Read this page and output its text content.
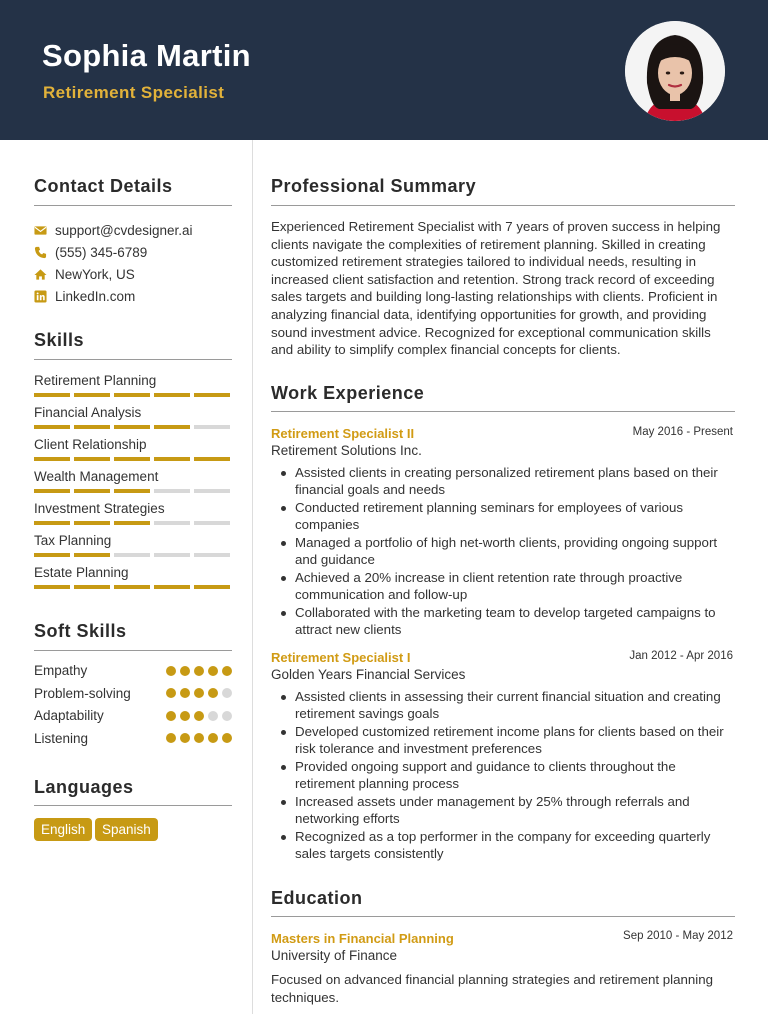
Sophia Martin
Retirement Specialist
Contact Details
support@cvdesigner.ai
(555) 345-6789
NewYork, US
LinkedIn.com
Skills
Retirement Planning
Financial Analysis
Client Relationship
Wealth Management
Investment Strategies
Tax Planning
Estate Planning
Soft Skills
Empathy
Problem-solving
Adaptability
Listening
Languages
English	Spanish
Professional Summary
Experienced Retirement Specialist with 7 years of proven success in helping clients navigate the complexities of retirement planning. Skilled in creating customized retirement strategies tailored to individual needs, resulting in increased client satisfaction and retention. Strong track record of exceeding sales targets and building long-lasting relationships with clients. Proficient in analyzing financial data, identifying opportunities for growth, and providing sound investment advice. Recognized for exceptional communication skills and ability to simplify complex financial concepts for clients.
Work Experience
Retirement Specialist II	May 2016 - Present
Retirement Solutions Inc.
Assisted clients in creating personalized retirement plans based on their financial goals and needs
Conducted retirement planning seminars for employees of various companies
Managed a portfolio of high net-worth clients, providing ongoing support and guidance
Achieved a 20% increase in client retention rate through proactive communication and follow-up
Collaborated with the marketing team to develop targeted campaigns to attract new clients
Retirement Specialist I	Jan 2012 - Apr 2016
Golden Years Financial Services
Assisted clients in assessing their current financial situation and creating retirement savings goals
Developed customized retirement income plans for clients based on their risk tolerance and investment preferences
Provided ongoing support and guidance to clients throughout the retirement planning process
Increased assets under management by 25% through referrals and networking efforts
Recognized as a top performer in the company for exceeding quarterly sales targets consistently
Education
Masters in Financial Planning	Sep 2010 - May 2012
University of Finance
Focused on advanced financial planning strategies and retirement planning techniques.
